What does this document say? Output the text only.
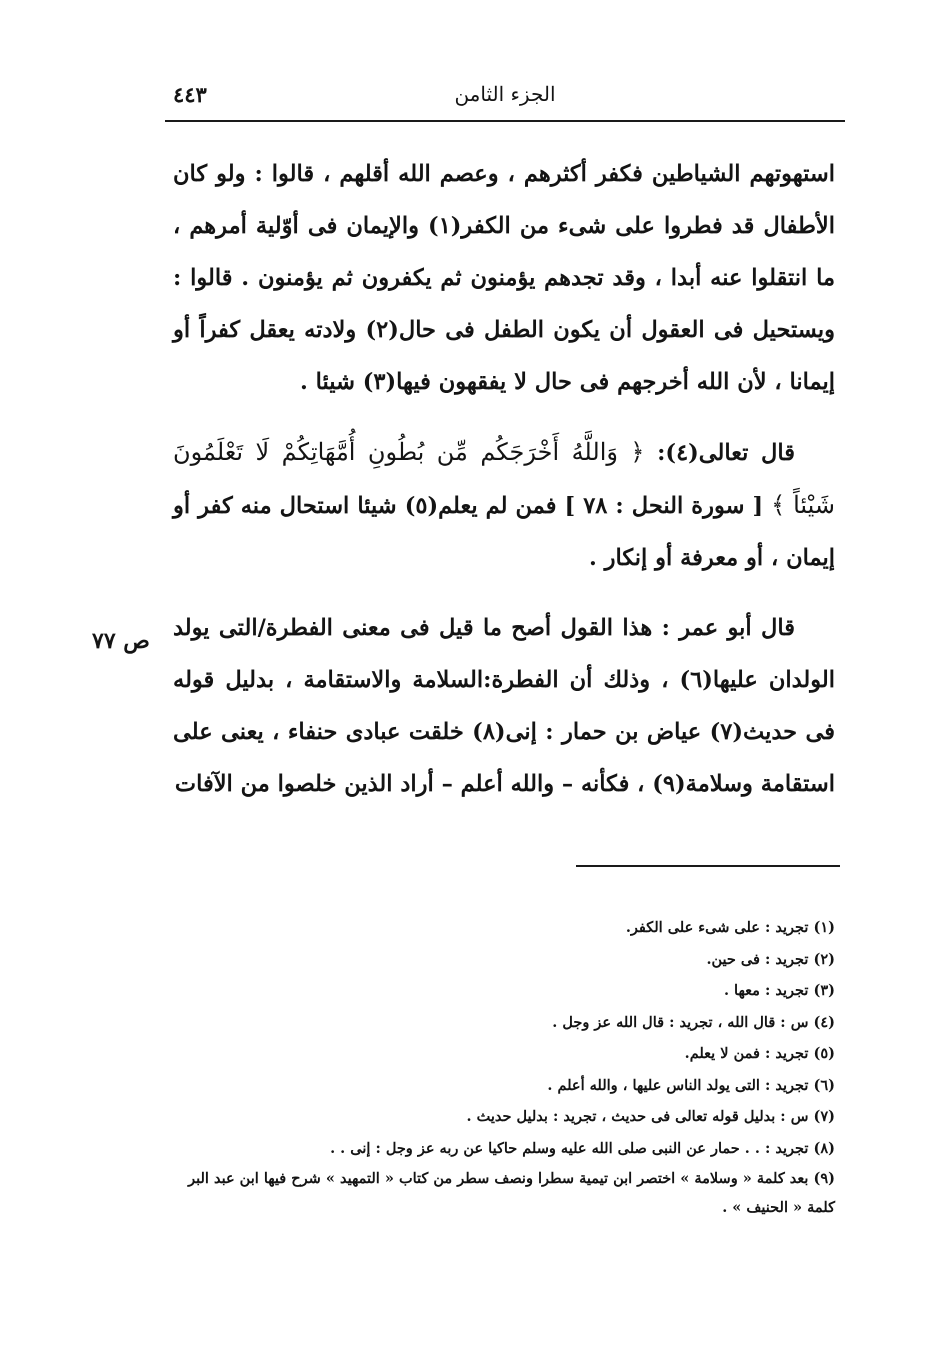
٤٤٣	الجزء الثامن

استهوتهم الشياطين فكفر أكثرهم ، وعصم الله أقلهم ، قالوا : ولو كان الأطفال قد فطروا على شىء من الكفر(١) والإيمان فى أوّلية أمرهم ، ما انتقلوا عنه أبدا ، وقد تجدهم يؤمنون ثم يكفرون ثم يؤمنون . قالوا : ويستحيل فى العقول أن يكون الطفل فى حال(٢) ولادته يعقل كفراً أو إيمانا ، لأن الله أخرجهم فى حال لا يفقهون فيها(٣) شيئا .

قال تعالى(٤): ﴿ وَاللَّهُ أَخْرَجَكُم مِّن بُطُونِ أُمَّهَاتِكُمْ لَا تَعْلَمُونَ شَيْئاً ﴾ [ سورة النحل : ٧٨ ] فمن لم يعلم(٥) شيئا استحال منه كفر أو إيمان ، أو معرفة أو إنكار .

قال أبو عمر : هذا القول أصح ما قيل فى معنى الفطرة/التى يولد الولدان عليها(٦) ، وذلك أن الفطرة:السلامة والاستقامة ، بدليل قوله فى حديث(٧) عياض بن حمار : إنى(٨) خلقت عبادى حنفاء ، يعنى على استقامة وسلامة(٩) ، فكأنه – والله أعلم – أراد الذين خلصوا من الآفات

ص ٧٧
(١) تجريد : على شىء على الكفر.
(٢) تجريد : فى حين.
(٣) تجريد : معها .
(٤) س : قال الله ، تجريد : قال الله عز وجل .
(٥) تجريد : فمن لا يعلم.
(٦) تجريد : التى يولد الناس عليها ، والله أعلم .
(٧) س : بدليل قوله تعالى فى حديث ، تجريد : بدليل حديث .
(٨) تجريد : . . حمار عن النبى صلى الله عليه وسلم حاكيا عن ربه عز وجل : إنى . .
(٩) بعد كلمة « وسلامة » اختصر ابن تيمية سطرا ونصف سطر من كتاب « التمهيد » شرح فيها ابن عبد البر كلمة « الحنيف » .
